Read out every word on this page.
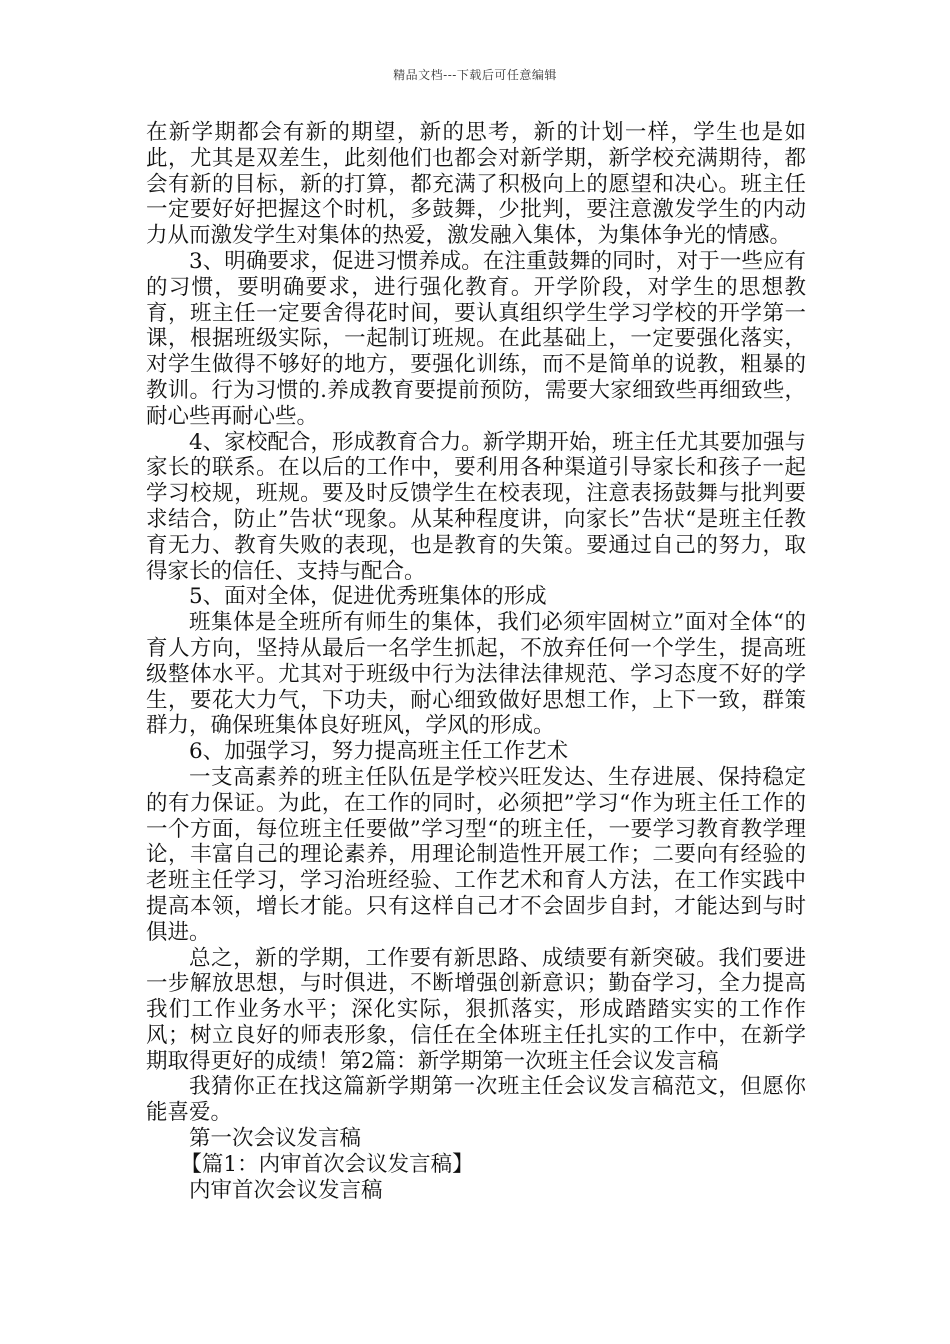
精品文档---下载后可任意编辑

在新学期都会有新的期望，新的思考，新的计划一样，学生也是如此，尤其是双差生，此刻他们也都会对新学期，新学校充满期待，都会有新的目标，新的打算，都充满了积极向上的愿望和决心。班主任一定要好好把握这个时机，多鼓舞，少批判，要注意激发学生的内动力从而激发学生对集体的热爱，激发融入集体，为集体争光的情感。

3、明确要求，促进习惯养成。在注重鼓舞的同时，对于一些应有的习惯，要明确要求，进行强化教育。开学阶段，对学生的思想教育，班主任一定要舍得花时间，要认真组织学生学习学校的开学第一课，根据班级实际，一起制订班规。在此基础上，一定要强化落实，对学生做得不够好的地方，要强化训练，而不是简单的说教，粗暴的教训。行为习惯的.养成教育要提前预防，需要大家细致些再细致些，耐心些再耐心些。

4、家校配合，形成教育合力。新学期开始，班主任尤其要加强与家长的联系。在以后的工作中，要利用各种渠道引导家长和孩子一起学习校规，班规。要及时反馈学生在校表现，注意表扬鼓舞与批判要求结合，防止”告状“现象。从某种程度讲，向家长”告状“是班主任教育无力、教育失败的表现，也是教育的失策。要通过自己的努力，取得家长的信任、支持与配合。

5、面对全体，促进优秀班集体的形成

班集体是全班所有师生的集体，我们必须牢固树立”面对全体“的育人方向，坚持从最后一名学生抓起，不放弃任何一个学生，提高班级整体水平。尤其对于班级中行为法律法律规范、学习态度不好的学生，要花大力气，下功夫，耐心细致做好思想工作，上下一致，群策群力，确保班集体良好班风，学风的形成。

6、加强学习，努力提高班主任工作艺术

一支高素养的班主任队伍是学校兴旺发达、生存进展、保持稳定的有力保证。为此，在工作的同时，必须把”学习“作为班主任工作的一个方面，每位班主任要做”学习型“的班主任，一要学习教育教学理论，丰富自己的理论素养，用理论制造性开展工作；二要向有经验的老班主任学习，学习治班经验、工作艺术和育人方法，在工作实践中提高本领，增长才能。只有这样自己才不会固步自封，才能达到与时俱进。

总之，新的学期，工作要有新思路、成绩要有新突破。我们要进一步解放思想，与时俱进，不断增强创新意识；勤奋学习，全力提高我们工作业务水平；深化实际，狠抓落实，形成踏踏实实的工作作风；树立良好的师表形象，信任在全体班主任扎实的工作中，在新学期取得更好的成绩！第2篇：新学期第一次班主任会议发言稿

我猜你正在找这篇新学期第一次班主任会议发言稿范文，但愿你能喜爱。

第一次会议发言稿

【篇1：内审首次会议发言稿】

内审首次会议发言稿
